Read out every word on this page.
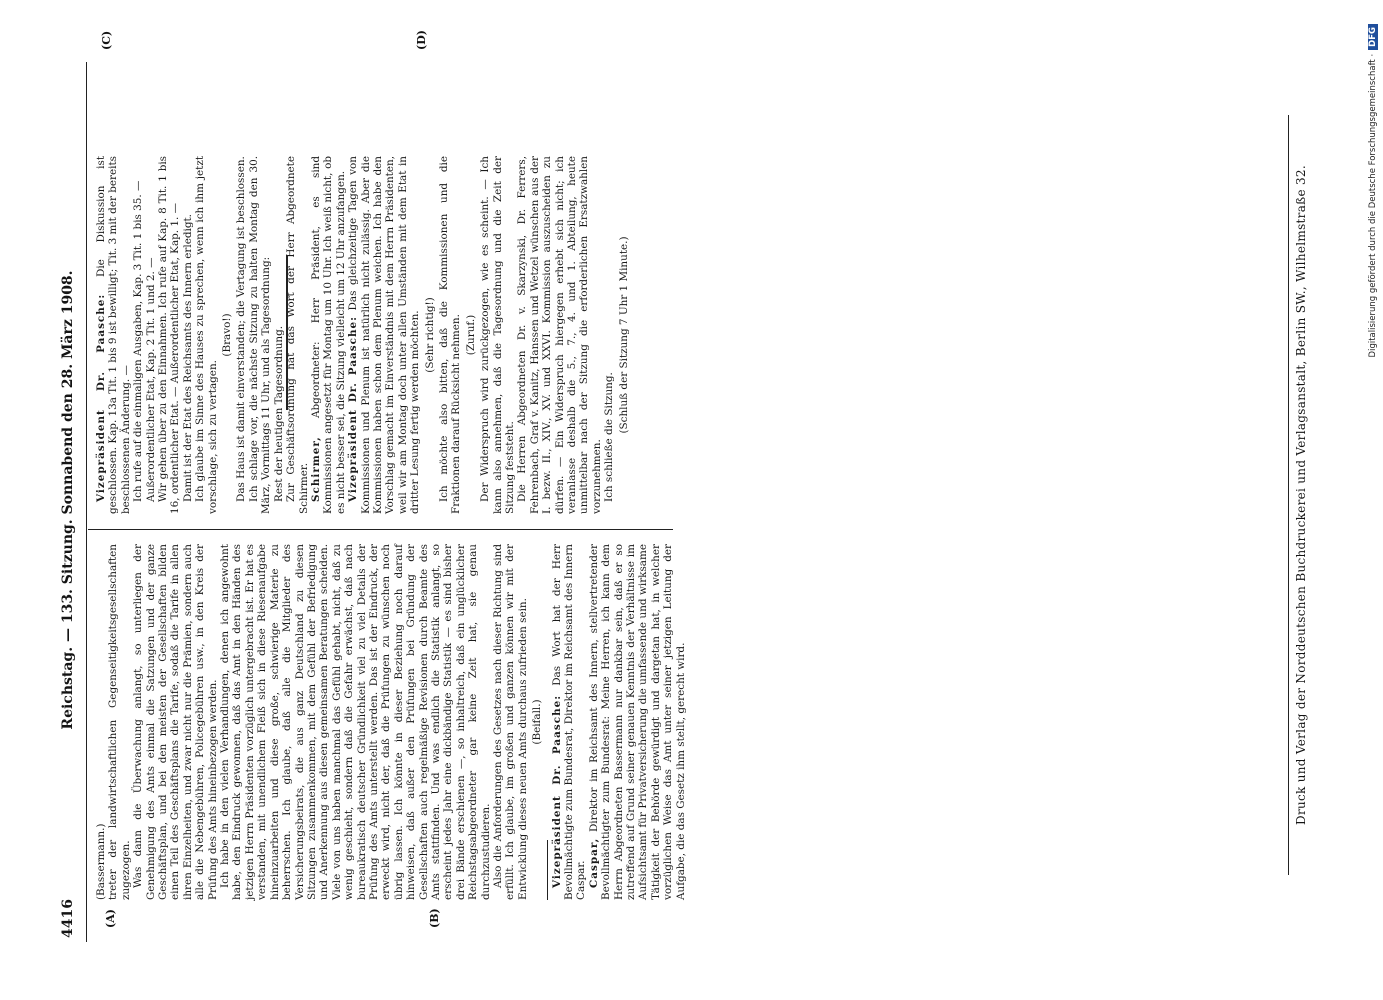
4416
Reichstag. — 133. Sitzung. Sonnabend den 28. März 1908.
(A)	(B)
(C)	(D)

(Bassermann.) treter der landwirtschaftlichen Gegenseitigkeitsgesellschaften zugezogen. Was dann die Überwachung anlangt, so unterliegen der Genehmigung des Amts einmal die Satzungen und der ganze Geschäftsplan, und bei den meisten der Gesellschaften bilden einen Teil des Geschäftsplans die Tarife, sodaß die Tarife in allen ihren Einzelheiten, und zwar nicht nur die Prämien, sondern auch alle die Nebengebühren, Policegebühren usw., in den Kreis der Prüfung des Amts hineinbezogen werden. Ich habe in den vielen Verhandlungen, denen ich angewohnt habe, den Eindruck gewonnen, daß das Amt in den Händen des jetzigen Herrn Präsidenten vorzüglich untergebracht ist. Er hat es verstanden, mit unendlichem Fleiß sich in diese Riesenaufgabe hineinzuarbeiten und diese große, schwierige Materie zu beherrschen. Ich glaube, daß alle die Mitglieder des Versicherungsbeirats, die aus ganz Deutschland zu diesen Sitzungen zusammenkommen, mit dem Gefühl der Befriedigung und Anerkennung aus diesen gemeinsamen Beratungen scheiden. Viele von uns haben manchmal das Gefühl gehabt, nicht, daß zu wenig geschieht, sondern daß die Gefahr erwächst, daß nach bureaukratisch deutscher Gründlichkeit viel zu viel Details der Prüfung des Amts unterstellt werden. Das ist der Eindruck, der erweckt wird, nicht der, daß die Prüfungen zu wünschen noch übrig lassen. Ich könnte in dieser Beziehung noch darauf hinweisen, daß außer den Prüfungen bei Gründung der Gesellschaften auch regelmäßige Revisionen durch Beamte des Amts stattfinden. Und was endlich die Statistik anlangt, so erscheint jedes Jahr eine dickbändige Statistik — es sind bisher drei Bände erschienen —, so inhaltreich, daß ein unglücklicher Reichstagsabgeordneter gar keine Zeit hat, sie genau durchzustudieren. Also die Anforderungen des Gesetzes nach dieser Richtung sind erfüllt. Ich glaube, im großen und ganzen können wir mit der Entwicklung dieses neuen Amts durchaus zufrieden sein. (Beifall.) Vizepräsident Dr. Paasche: Das Wort hat der Herr Bevollmächtigte zum Bundesrat, Direktor im Reichsamt des Innern Caspar. Caspar, Direktor im Reichsamt des Innern, stellvertretender Bevollmächtigter zum Bundesrat: Meine Herren, ich kann dem Herrn Abgeordneten Bassermann nur dankbar sein, daß er so zutreffend auf Grund seiner genauen Kenntnis der Verhältnisse im Aufsichtsamt für Privatversicherung die umfassende und wirksame Tätigkeit der Behörde gewürdigt und dargetan hat, in welcher vorzüglichen Weise das Amt unter seiner jetzigen Leitung der Aufgabe, die das Gesetz ihm stellt, gerecht wird.

Vizepräsident Dr. Paasche: Die Diskussion ist geschlossen. Kap. 13a Tit. 1 bis 9 ist bewilligt; Tit. 3 mit der bereits beschlossenen Änderung. — Ich rufe auf die einmaligen Ausgaben, Kap. 3 Tit. 1 bis 35. — Außerordentlicher Etat, Kap. 2 Tit. 1 und 2. — Wir gehen über zu den Einnahmen. Ich rufe auf Kap. 8 Tit. 1 bis 16, ordentlicher Etat. — Außerordentlicher Etat, Kap. 1. — Damit ist der Etat des Reichsamts des Innern erledigt. Ich glaube im Sinne des Hauses zu sprechen, wenn ich ihm jetzt vorschlage, sich zu vertagen.

(Bravo!) Das Haus ist damit einverstanden; die Vertagung ist beschlossen. Ich schlage vor, die nächste Sitzung zu halten Montag den 30. März, Vormittags 11 Uhr, und als Tagesordnung: Rest der heutigen Tagesordnung. Zur Geschäftsordnung hat das Wort der Herr Abgeordnete Schirmer. Schirmer, Abgeordneter: Herr Präsident, es sind Kommissionen angesetzt für Montag um 10 Uhr. Ich weiß nicht, ob es nicht besser sei, die Sitzung vielleicht um 12 Uhr anzufangen. Vizepräsident Dr. Paasche: Das gleichzeitige Tagen von Kommissionen und Plenum ist natürlich nicht zulässig. Aber die Kommissionen haben schon dem Plenum weichen. Ich habe den Vorschlag gemacht im Einverständnis mit dem Herrn Präsidenten, weil wir am Montag doch unter allen Umständen mit dem Etat in dritter Lesung fertig werden möchten. (Sehr richtig!) Ich möchte also bitten, daß die Kommissionen und die Fraktionen darauf Rücksicht nehmen. (Zuruf.) Der Widerspruch wird zurückgezogen, wie es scheint. — Ich kann also annehmen, daß die Tagesordnung und die Zeit der Sitzung feststeht. Die Herren Abgeordneten Dr. v. Skarzynski, Dr. Ferrers, Fehrenbach, Graf v. Kanitz, Hanssen und Wetzel wünschen aus der I. bezw. II., XIV., XV. und XXVI. Kommission auszuscheiden zu dürfen. — Ein Widerspruch hiergegen erhebt sich nicht; ich veranlasse deshalb die 5., 7., 4. und 1. Abteilung, heute unmittelbar nach der Sitzung die erforderlichen Ersatzwahlen vorzunehmen. Ich schließe die Sitzung.

(Schluß der Sitzung 7 Uhr 1 Minute.)	Druck und Verlag der Norddeutschen Buchdruckerei und Verlagsanstalt, Berlin SW., Wilhelmstraße 32.	Digitalisierung gefördert durch die Deutsche Forschungsgemeinschaft ·DFG
